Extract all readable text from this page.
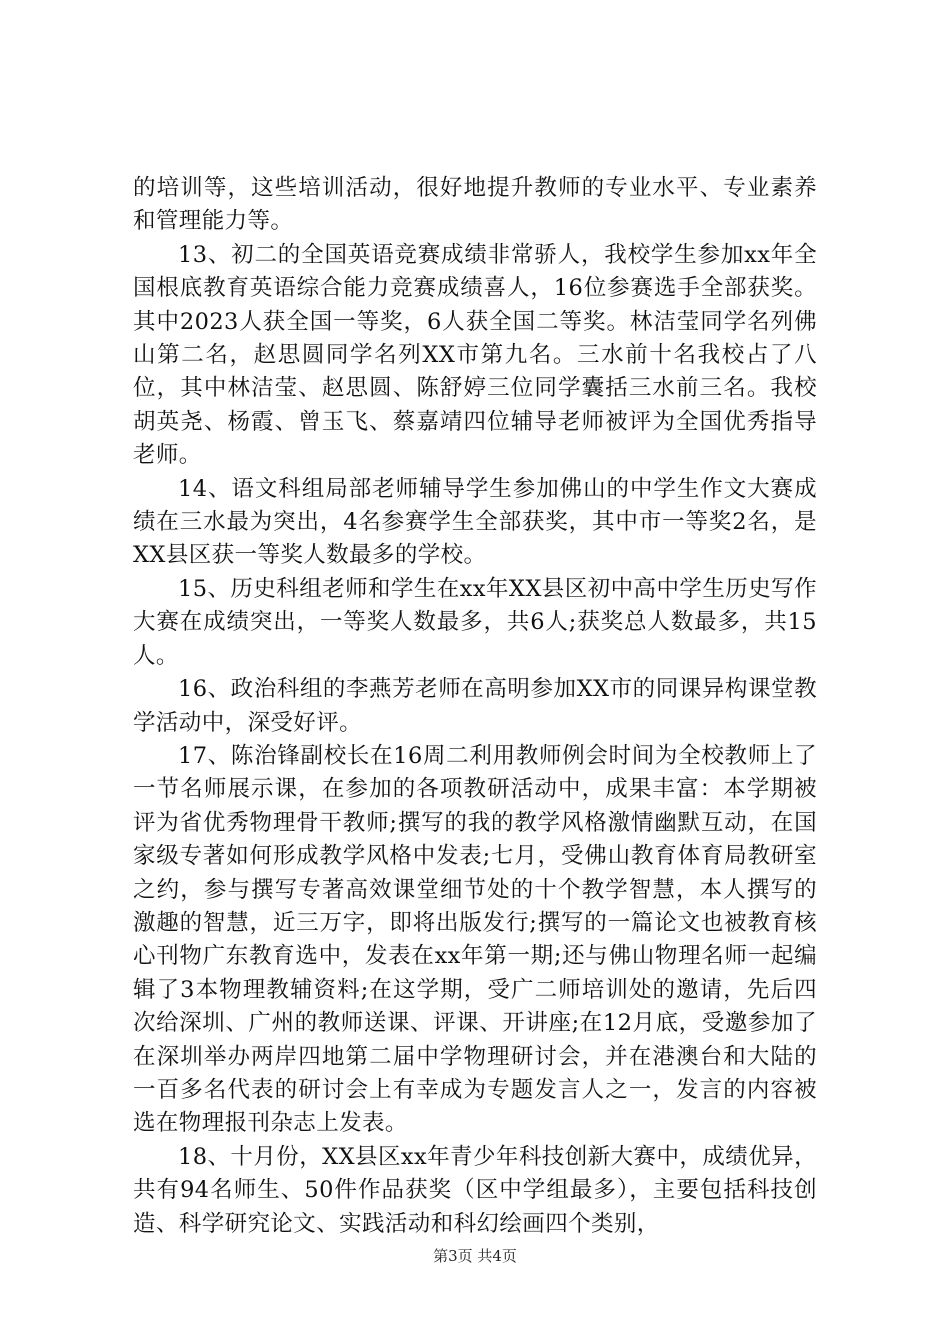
的培训等，这些培训活动，很好地提升教师的专业水平、专业素养和管理能力等。

13、初二的全国英语竞赛成绩非常骄人，我校学生参加xx年全国根底教育英语综合能力竞赛成绩喜人，16位参赛选手全部获奖。其中2023人获全国一等奖，6人获全国二等奖。林洁莹同学名列佛山第二名，赵思圆同学名列XX市第九名。三水前十名我校占了八位，其中林洁莹、赵思圆、陈舒婷三位同学囊括三水前三名。我校胡英尧、杨霞、曾玉飞、蔡嘉靖四位辅导老师被评为全国优秀指导老师。

14、语文科组局部老师辅导学生参加佛山的中学生作文大赛成绩在三水最为突出，4名参赛学生全部获奖，其中市一等奖2名，是XX县区获一等奖人数最多的学校。

15、历史科组老师和学生在xx年XX县区初中高中学生历史写作大赛在成绩突出，一等奖人数最多，共6人;获奖总人数最多，共15人。

16、政治科组的李燕芳老师在高明参加XX市的同课异构课堂教学活动中，深受好评。

17、陈治锋副校长在16周二利用教师例会时间为全校教师上了一节名师展示课，在参加的各项教研活动中，成果丰富：本学期被评为省优秀物理骨干教师;撰写的我的教学风格激情幽默互动，在国家级专著如何形成教学风格中发表;七月，受佛山教育体育局教研室之约，参与撰写专著高效课堂细节处的十个教学智慧，本人撰写的激趣的智慧，近三万字，即将出版发行;撰写的一篇论文也被教育核心刊物广东教育选中，发表在xx年第一期;还与佛山物理名师一起编辑了3本物理教辅资料;在这学期，受广二师培训处的邀请，先后四次给深圳、广州的教师送课、评课、开讲座;在12月底，受邀参加了在深圳举办两岸四地第二届中学物理研讨会，并在港澳台和大陆的一百多名代表的研讨会上有幸成为专题发言人之一，发言的内容被选在物理报刊杂志上发表。

18、十月份，XX县区xx年青少年科技创新大赛中，成绩优异，共有94名师生、50件作品获奖（区中学组最多），主要包括科技创造、科学研究论文、实践活动和科幻绘画四个类别，

第3页 共4页
